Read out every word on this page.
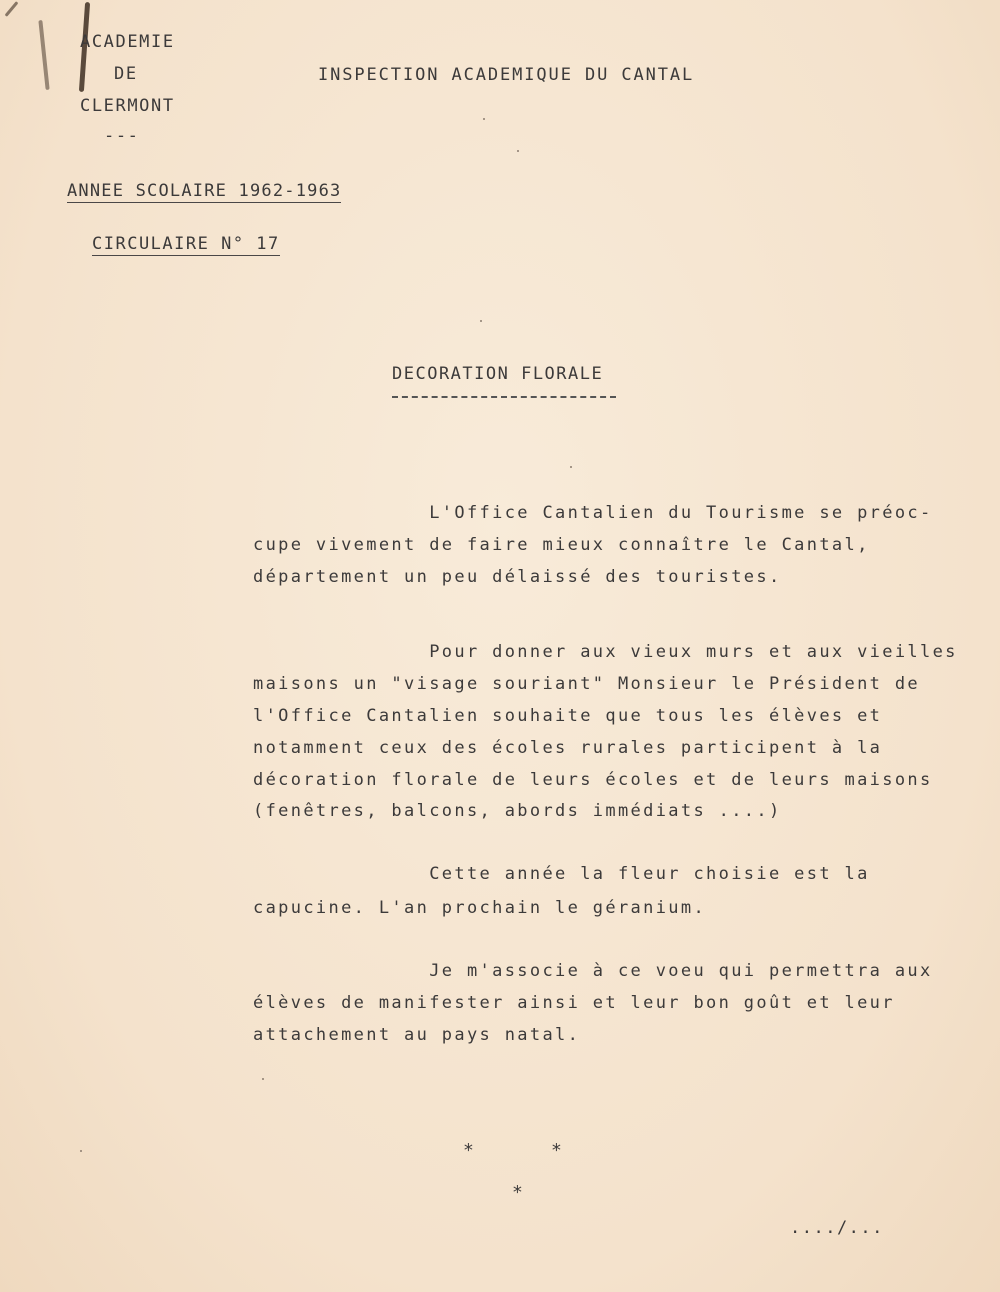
ACADEMIE
DE
CLERMONT
---
INSPECTION ACADEMIQUE DU CANTAL
ANNEE SCOLAIRE 1962-1963
CIRCULAIRE N° 17
DECORATION FLORALE
L'Office Cantalien du Tourisme se préoc-
cupe vivement de faire mieux connaître le Cantal,
département un peu délaissé des touristes.
Pour donner aux vieux murs et aux vieilles
maisons un "visage souriant" Monsieur le Président de
l'Office Cantalien souhaite que tous les élèves et
notamment ceux des écoles rurales participent à la
décoration florale de leurs écoles et de leurs maisons
(fenêtres, balcons, abords immédiats ....)
Cette année la fleur choisie est la
capucine. L'an prochain le géranium.
Je m'associe à ce voeu qui permettra aux
élèves de manifester ainsi et leur bon goût et leur
attachement au pays natal.
*	*
*
..../...
